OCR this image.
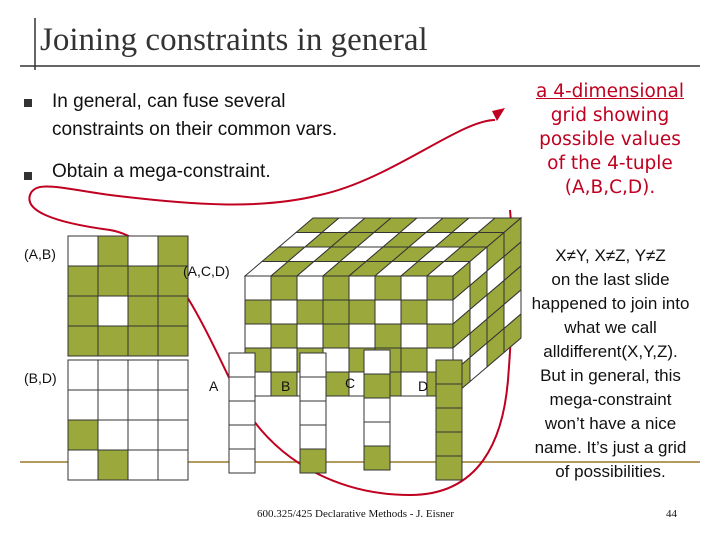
Joining constraints in general
In general, can fuse several
constraints on their common vars.
Obtain a mega-constraint.
a 4-dimensional
grid showing
possible values
of the 4-tuple
(A,B,C,D).
X≠Y, X≠Z, Y≠Z
on the last slide
happened to join into
what we call
alldifferent(X,Y,Z).
But in general, this
mega-constraint
won’t have a nice
name. It’s just a grid
of possibilities.
(A,B)
(B,D)
(A,C,D)
A	B	C	D
600.325/425 Declarative Methods - J. Eisner	44
